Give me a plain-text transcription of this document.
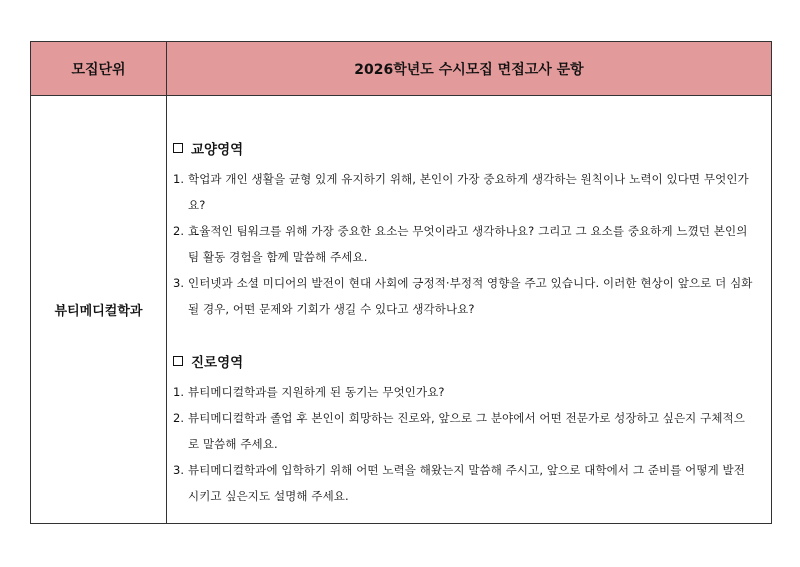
모집단위	2026학년도 수시모집 면접고사 문항
뷰티메디컬학과
교양영역
1. 학업과 개인 생활을 균형 있게 유지하기 위해, 본인이 가장 중요하게 생각하는 원칙이나 노력이 있다면 무엇인가요?
2. 효율적인 팀워크를 위해 가장 중요한 요소는 무엇이라고 생각하나요? 그리고 그 요소를 중요하게 느꼈던 본인의 팀 활동 경험을 함께 말씀해 주세요.
3. 인터넷과 소셜 미디어의 발전이 현대 사회에 긍정적·부정적 영향을 주고 있습니다. 이러한 현상이 앞으로 더 심화될 경우, 어떤 문제와 기회가 생길 수 있다고 생각하나요?
진로영역
1. 뷰티메디컬학과를 지원하게 된 동기는 무엇인가요?
2. 뷰티메디컬학과 졸업 후 본인이 희망하는 진로와, 앞으로 그 분야에서 어떤 전문가로 성장하고 싶은지 구체적으로 말씀해 주세요.
3. 뷰티메디컬학과에 입학하기 위해 어떤 노력을 해왔는지 말씀해 주시고, 앞으로 대학에서 그 준비를 어떻게 발전시키고 싶은지도 설명해 주세요.
